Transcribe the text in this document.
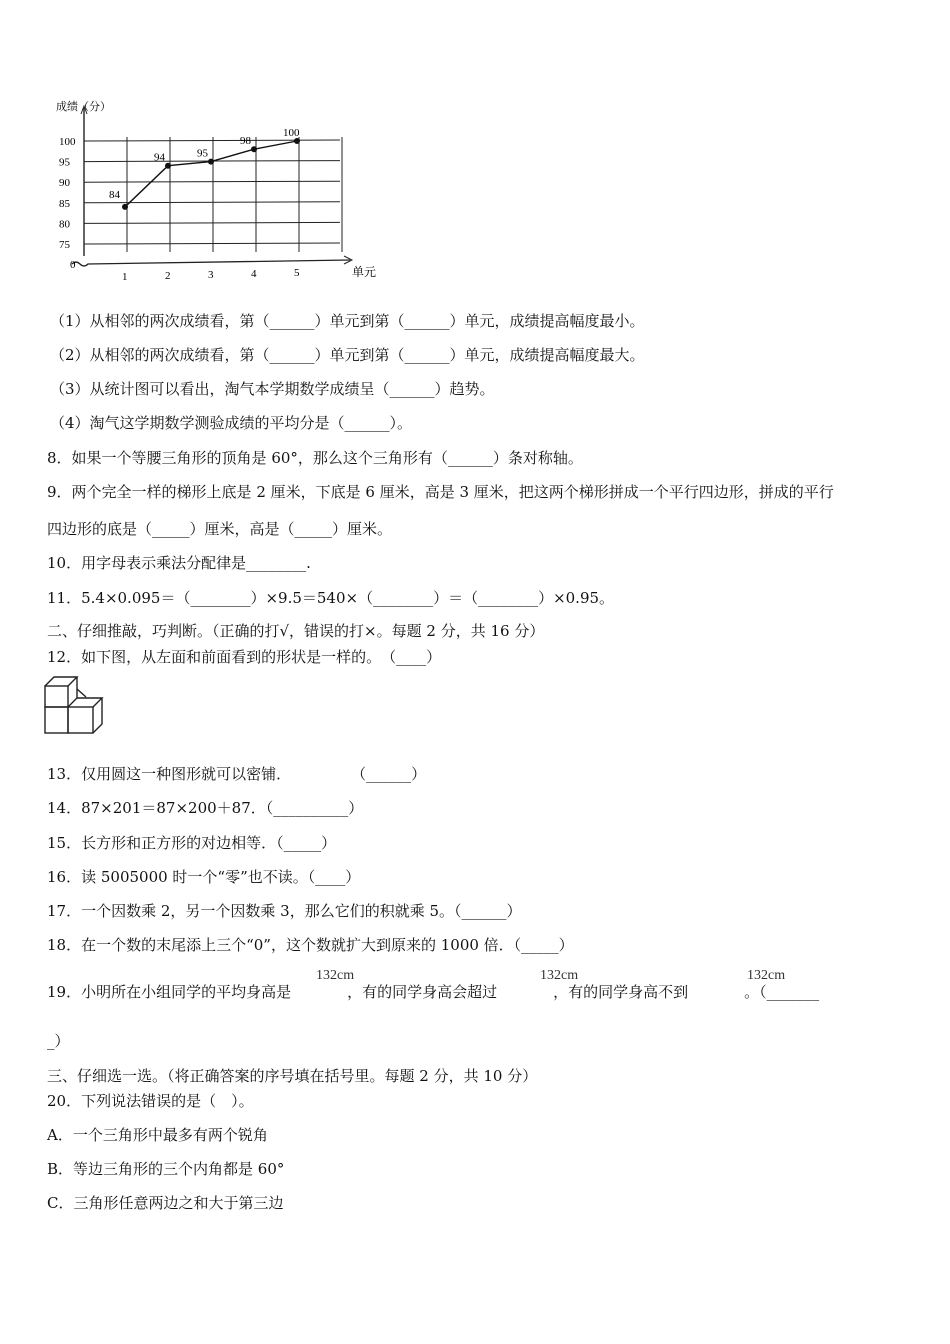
成绩（分）
0
75
80
85
90
95
100
1	2	3	4	5
84
94	95
98
100
单元
（1）从相邻的两次成绩看，第（______）单元到第（______）单元，成绩提高幅度最小。
（2）从相邻的两次成绩看，第（______）单元到第（______）单元，成绩提高幅度最大。
（3）从统计图可以看出，淘气本学期数学成绩呈（______）趋势。
（4）淘气这学期数学测验成绩的平均分是（______）。
8．如果一个等腰三角形的顶角是 60°，那么这个三角形有（______）条对称轴。
9．两个完全一样的梯形上底是 2 厘米，下底是 6 厘米，高是 3 厘米，把这两个梯形拼成一个平行四边形，拼成的平行
四边形的底是（_____）厘米，高是（_____）厘米。
10．用字母表示乘法分配律是________.
11．5.4×0.095＝（________）×9.5＝540×（________）＝（________）×0.95。
二、仔细推敲，巧判断。（正确的打√，错误的打×。每题 2 分，共 16 分）
12．如下图，从左面和前面看到的形状是一样的。　（____）
13．仅用圆这一种图形就可以密铺．　　　　　（______）
14．87×201＝87×200＋87．（__________）
15．长方形和正方形的对边相等．（_____）
16．读 5005000 时一个“零”也不读。（____）
17．一个因数乘 2，另一个因数乘 3，那么它们的积就乘 5。（______）
18．在一个数的末尾添上三个“0”，这个数就扩大到原来的 1000 倍．（_____）
19．小明所在小组同学的平均身高是	，有的同学身高会超过	，有的同学身高不到	。（_______
132cm	132cm	132cm
_）
三、仔细选一选。（将正确答案的序号填在括号里。每题 2 分，共 10 分）
20．下列说法错误的是（　）。
A．一个三角形中最多有两个锐角
B．等边三角形的三个内角都是 60°
C．三角形任意两边之和大于第三边
